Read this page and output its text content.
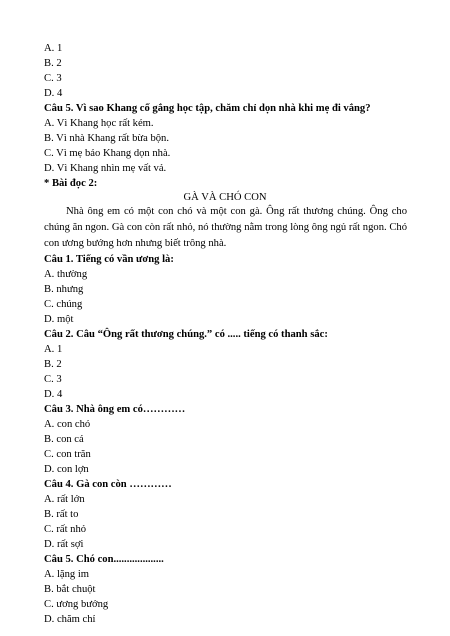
A. 1
B. 2
C. 3
D. 4
Câu 5. Vì sao Khang cố gắng học tập, chăm chỉ dọn nhà khi mẹ đi vắng?
A. Vì Khang học rất kém.
B. Vì nhà Khang rất bừa bộn.
C. Vì mẹ bảo Khang dọn nhà.
D. Vì Khang nhìn mẹ vất vả.
* Bài đọc 2:
GÀ VÀ CHÓ CON
Nhà ông em có một con chó và một con gà. Ông rất thương chúng. Ông cho chúng ăn ngon. Gà con còn rất nhỏ, nó thường nằm trong lòng ông ngủ rất ngon. Chó con ương bướng hơn nhưng biết trông nhà.
Câu 1. Tiếng có vần ương là:
A. thường
B. nhưng
C. chúng
D. một
Câu 2. Câu “Ông rất thương chúng.” có ..... tiếng có thanh sắc:
A. 1
B. 2
C. 3
D. 4
Câu 3. Nhà ông em có…………
A. con chó
B. con cá
C. con trăn
D. con lợn
Câu 4. Gà con còn …………
A. rất lớn
B. rất to
C. rất nhỏ
D. rất sợi
Câu 5. Chó con...................
A. lặng im
B. bắt chuột
C. ương bướng
D. chăm chỉ
